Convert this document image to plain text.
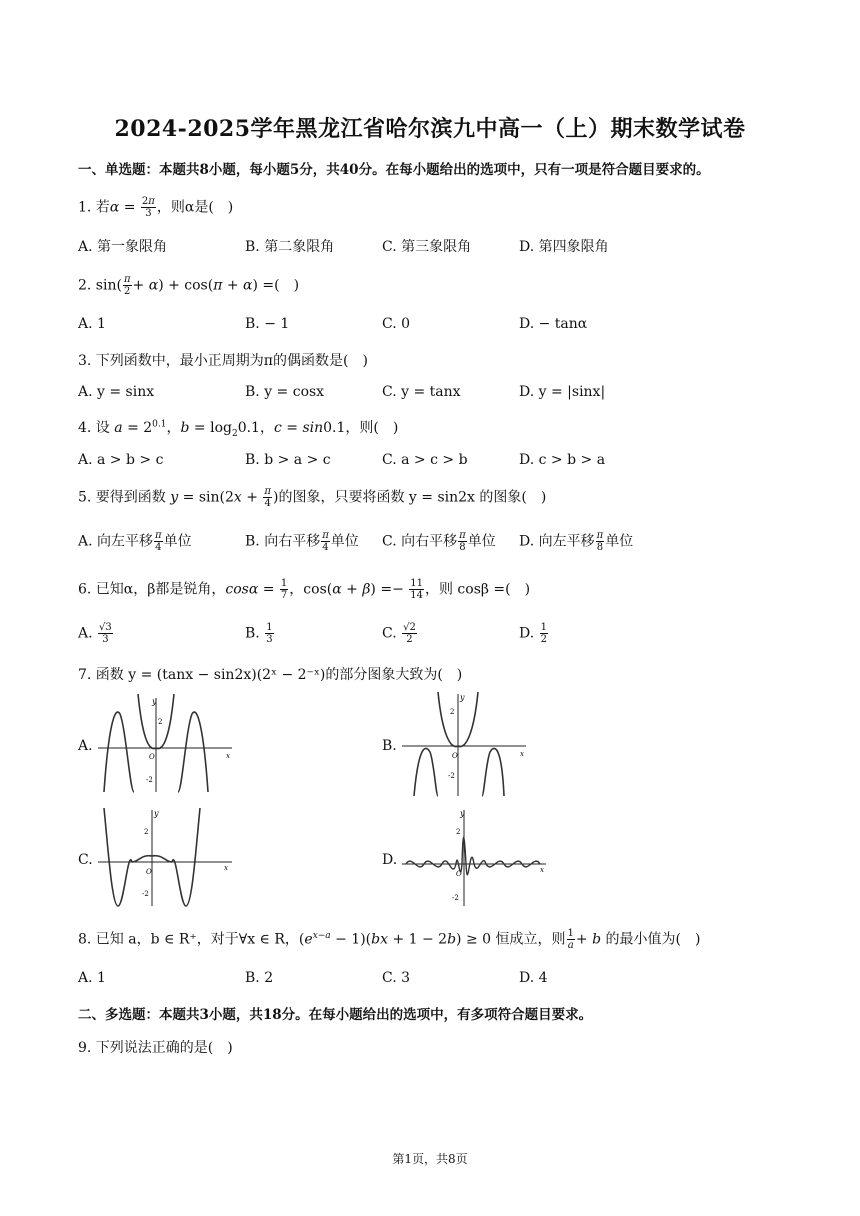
2024-2025学年黑龙江省哈尔滨九中高一（上）期末数学试卷
一、单选题：本题共8小题，每小题5分，共40分。在每小题给出的选项中，只有一项是符合题目要求的。
1. 若$\alpha = \frac{2\pi}{3}$ ，则α是(　)
A. 第一象限角	B. 第二象限角	C. 第三象限角	D. 第四象限角
2. $\sin( \frac{\pi}{2} + \alpha) + \cos(\pi + \alpha)$ =(　)
A. 1	B. − 1	C. 0	D. − tanα
3. 下列函数中，最小正周期为π的偶函数是(　)
A. y = sinx	B. y = cosx	C. y = tanx	D. y = |sinx|
4. 设 $a = 2^{0.1}$，$b = \log_20.1$，c = sin0.1，则(　)
A. a > b > c	B. b > a > c	C. a > c > b	D. c > b > a
5. 要得到函数 $y = \sin(2x + \frac{\pi}{4}$ )的图象，只要将函数 y = sin2x 的图象(　)
A. 向左平移 $\frac{\pi}{4}$ 单位	B. 向右平移 $\frac{\pi}{4}$ 单位 C. 向右平移 $\frac{\pi}{8}$ 单位 D. 向左平移 $\frac{\pi}{8}$ 单位
6. 已知α，β都是锐角，$\cos\alpha = \frac{1}{7}$ ，$\cos(\alpha + \beta) =- \frac{11}{14}$ ，则 cosβ =(　)
A. $\frac{√3}{3}$	B. $\frac{1}{3}$	C. $\frac{√2}{2}$	D. $\frac{1}{2}$
7. 函数 y = (tanx − sin2x)(2ˣ − 2⁻ˣ)的部分图象大致为(　)
A.
y
x
2
-2
O
B.
y
x
2
-2
O
C.
y
x
2
-2
O
D.
y
x
2
-2
O
8. 已知 a，b ∈ R⁺，对于∀x ∈ R，$(e^{x-a} - 1)(bx + 1 - 2b) \ge 0$ 恒成立，则 $\frac{1}{a} + b$ 的最小值为(　)
A. 1	B. 2	C. 3	D. 4
二、多选题：本题共3小题，共18分。在每小题给出的选项中，有多项符合题目要求。
9. 下列说法正确的是(　)
第1页，共8页
